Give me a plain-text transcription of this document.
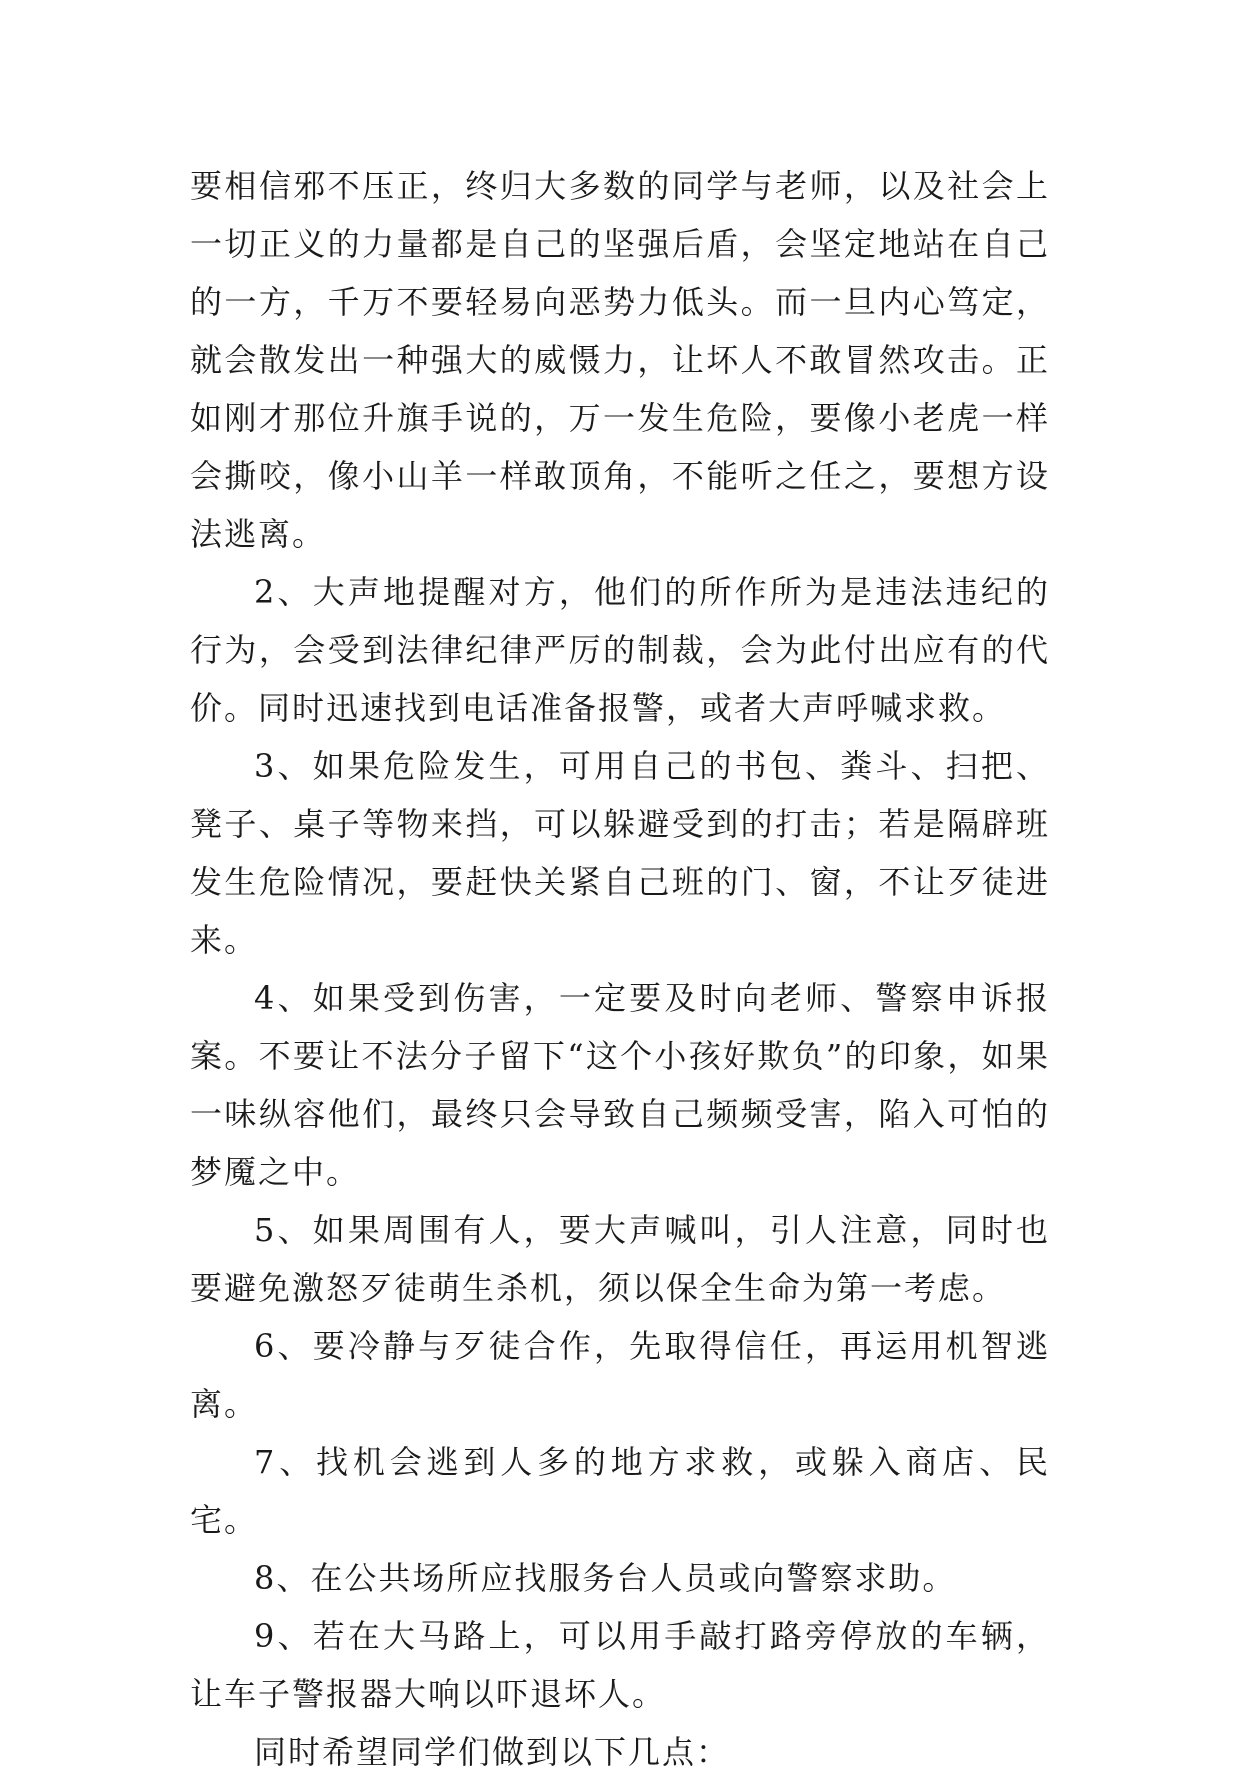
要相信邪不压正，终归大多数的同学与老师，以及社会上一切正义的力量都是自己的坚强后盾，会坚定地站在自己的一方，千万不要轻易向恶势力低头。而一旦内心笃定，就会散发出一种强大的威慑力，让坏人不敢冒然攻击。正如刚才那位升旗手说的，万一发生危险，要像小老虎一样会撕咬，像小山羊一样敢顶角，不能听之任之，要想方设法逃离。

2、大声地提醒对方，他们的所作所为是违法违纪的行为，会受到法律纪律严厉的制裁，会为此付出应有的代价。同时迅速找到电话准备报警，或者大声呼喊求救。

3、如果危险发生，可用自己的书包、粪斗、扫把、凳子、桌子等物来挡，可以躲避受到的打击；若是隔辟班发生危险情况，要赶快关紧自己班的门、窗，不让歹徒进来。

4、如果受到伤害，一定要及时向老师、警察申诉报案。不要让不法分子留下“这个小孩好欺负”的印象，如果一味纵容他们，最终只会导致自己频频受害，陷入可怕的梦魇之中。

5、如果周围有人，要大声喊叫，引人注意，同时也要避免激怒歹徒萌生杀机，须以保全生命为第一考虑。

6、要冷静与歹徒合作，先取得信任，再运用机智逃离。

7、找机会逃到人多的地方求救，或躲入商店、民宅。

8、在公共场所应找服务台人员或向警察求助。

9、若在大马路上，可以用手敲打路旁停放的车辆，让车子警报器大响以吓退坏人。

同时希望同学们做到以下几点：
